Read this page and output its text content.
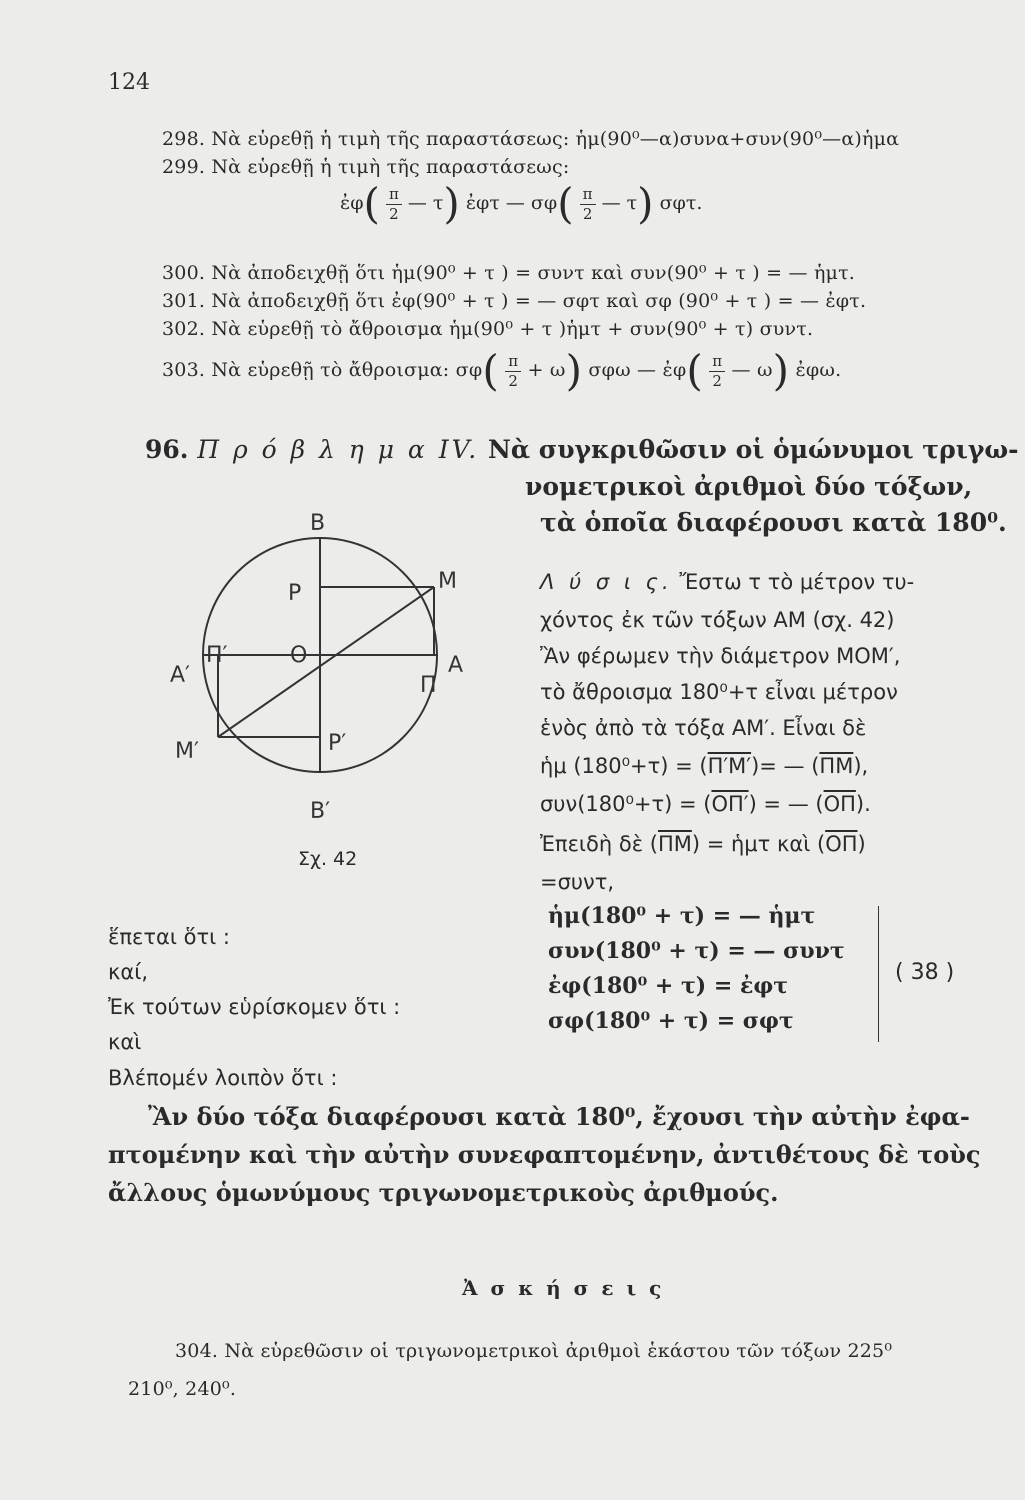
124
298. Νὰ εὑρεθῇ ἡ τιμὴ τῆς παραστάσεως: ἡμ(90⁰—α)συνα+συν(90⁰—α)ἡμα
299. Νὰ εὑρεθῇ ἡ τιμὴ τῆς παραστάσεως:
ἐφ( $\frac{\pi}{2}$ — τ) ἐφτ — $\sigma\varphi( \frac{\pi}{2}$ — τ) σφτ.
300. Νὰ ἀποδειχθῇ ὅτι ἡμ(90⁰ + τ ) = συντ καὶ συν(90⁰ + τ ) = — ἡμτ.
301. Νὰ ἀποδειχθῇ ὅτι ἐφ(90⁰ + τ ) = — σφτ καὶ σφ (90⁰ + τ ) = — ἐφτ.
302. Νὰ εὑρεθῇ τὸ ἄθροισμα ἡμ(90⁰ + τ )ἡμτ + συν(90⁰ + τ) συντ.
303. Νὰ εὑρεθῇ τὸ ἄθροισμα: $\sigma\varphi( \frac{\pi}{2} + \omega)$ σφω — ἐφ( $\frac{\pi}{2}$ — ω) ἐφω.
96. Π ρ ό β λ η μ α IV. Νὰ συγκριθῶσιν οἱ ὁμώνυμοι τριγω-
νομετρικοὶ ἀριθμοὶ δύο τόξων,
τὰ ὁποῖα διαφέρουσι κατὰ 180⁰.
Β
Β′
Α
Α′
Μ
Μ′
Ρ
Ρ′
Ο
Π
Π′
Σχ. 42
Λ ύ σ ι ς. Ἔστω τ τὸ μέτρον τυ-
χόντος ἐκ τῶν τόξων ΑΜ (σχ. 42)
Ἂν φέρωμεν τὴν διάμετρον ΜΟΜ′,
τὸ ἄθροισμα 180⁰+τ εἶναι μέτρον
ἑνὸς ἀπὸ τὰ τόξα ΑΜ′. Εἶναι δὲ
ἡμ (180⁰+τ) = (Π′Μ′)= — $(\overline{\Pi M})$,
συν(180⁰+τ) = (ΟΠ′) = — $(\overline{O\Pi})$.
Ἐπειδὴ δὲ $(\overline{\Pi M})$ = ἡμτ καὶ $(\overline{O\Pi})$
=συντ,
ἕπεται ὅτι :
καί,
Ἐκ τούτων εὑρίσκομεν ὅτι :
καὶ
Βλέπομέν λοιπὸν ὅτι :
ἡμ(180⁰ + τ) = — ἡμτ
συν(180⁰ + τ) = — συντ
ἐφ(180⁰ + τ) = ἐφτ
σφ(180⁰ + τ) = σφτ
( 38 )
Ἂν δύο τόξα διαφέρουσι κατὰ 180⁰, ἔχουσι τὴν αὐτὴν ἐφα-
πτομένην καὶ τὴν αὐτὴν συνεφαπτομένην, ἀντιθέτους δὲ τοὺς
ἄλλους ὁμωνύμους τριγωνομετρικοὺς ἀριθμούς.
Ἀ σ κ ή σ ε ι ς
304. Νὰ εὑρεθῶσιν οἱ τριγωνομετρικοὶ ἀριθμοὶ ἑκάστου τῶν τόξων 225⁰
210⁰, 240⁰.
